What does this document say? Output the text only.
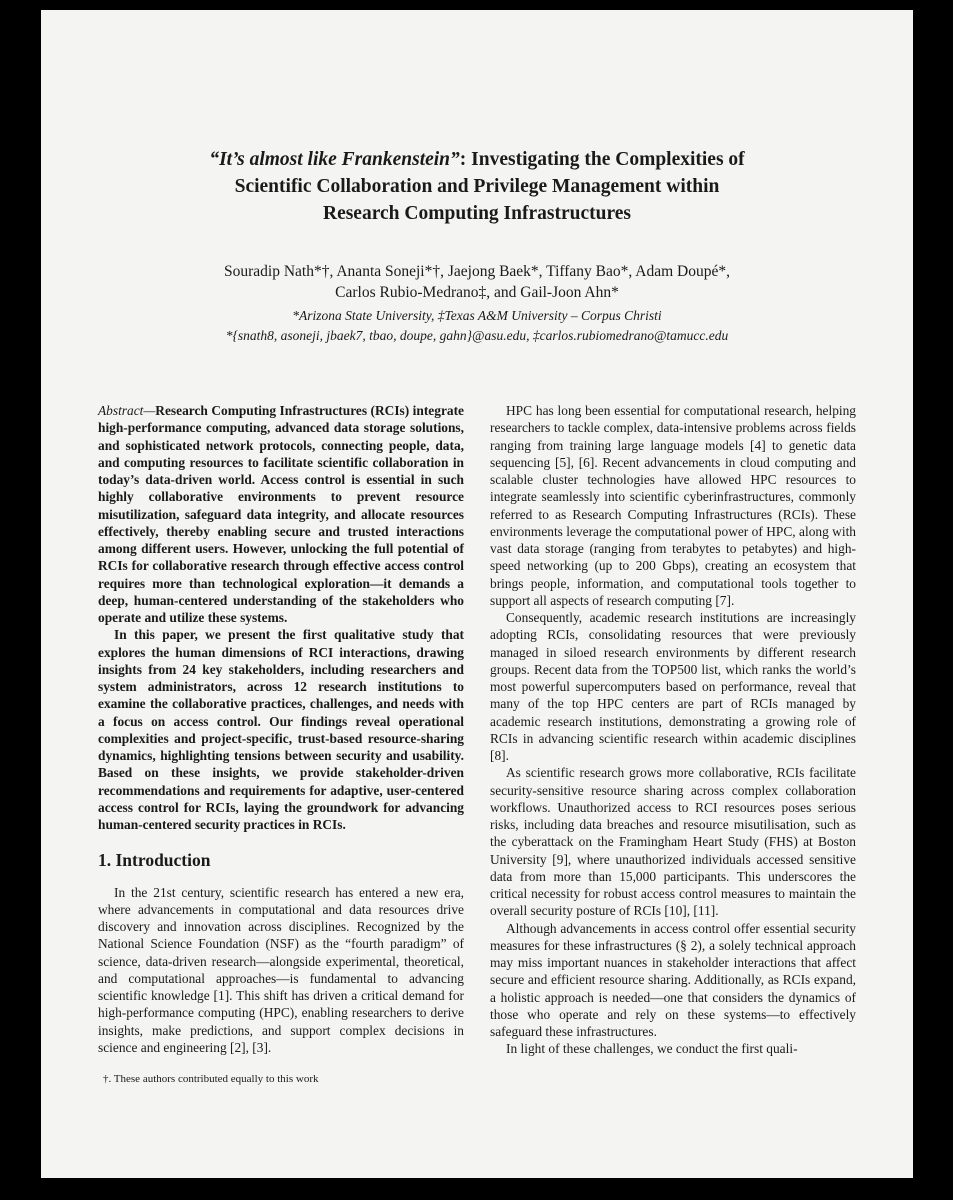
“It’s almost like Frankenstein”: Investigating the Complexities of
Scientific Collaboration and Privilege Management within
Research Computing Infrastructures
Souradip Nath*†, Ananta Soneji*†, Jaejong Baek*, Tiffany Bao*, Adam Doupé*,
Carlos Rubio-Medrano‡, and Gail-Joon Ahn*
*Arizona State University, ‡Texas A&M University – Corpus Christi
*{snath8, asoneji, jbaek7, tbao, doupe, gahn}@asu.edu, ‡carlos.rubiomedrano@tamucc.edu

Abstract—Research Computing Infrastructures (RCIs) integrate high-performance computing, advanced data storage solutions, and sophisticated network protocols, connecting people, data, and computing resources to facilitate scientific collaboration in today’s data-driven world. Access control is essential in such highly collaborative environments to prevent resource misutilization, safeguard data integrity, and allocate resources effectively, thereby enabling secure and trusted interactions among different users. However, unlocking the full potential of RCIs for collaborative research through effective access control requires more than technological exploration—it demands a deep, human-centered understanding of the stakeholders who operate and utilize these systems.

In this paper, we present the first qualitative study that explores the human dimensions of RCI interactions, drawing insights from 24 key stakeholders, including researchers and system administrators, across 12 research institutions to examine the collaborative practices, challenges, and needs with a focus on access control. Our findings reveal operational complexities and project-specific, trust-based resource-sharing dynamics, highlighting tensions between security and usability. Based on these insights, we provide stakeholder-driven recommendations and requirements for adaptive, user-centered access control for RCIs, laying the groundwork for advancing human-centered security practices in RCIs.

1. Introduction

In the 21st century, scientific research has entered a new era, where advancements in computational and data resources drive discovery and innovation across disciplines. Recognized by the National Science Foundation (NSF) as the “fourth paradigm” of science, data-driven research—alongside experimental, theoretical, and computational approaches—is fundamental to advancing scientific knowledge [1]. This shift has driven a critical demand for high-performance computing (HPC), enabling researchers to derive insights, make predictions, and support complex decisions in science and engineering [2], [3].

†. These authors contributed equally to this work

HPC has long been essential for computational research, helping researchers to tackle complex, data-intensive problems across fields ranging from training large language models [4] to genetic data sequencing [5], [6]. Recent advancements in cloud computing and scalable cluster technologies have allowed HPC resources to integrate seamlessly into scientific cyberinfrastructures, commonly referred to as Research Computing Infrastructures (RCIs). These environments leverage the computational power of HPC, along with vast data storage (ranging from terabytes to petabytes) and high-speed networking (up to 200 Gbps), creating an ecosystem that brings people, information, and computational tools together to support all aspects of research computing [7].

Consequently, academic research institutions are increasingly adopting RCIs, consolidating resources that were previously managed in siloed research environments by different research groups. Recent data from the TOP500 list, which ranks the world’s most powerful supercomputers based on performance, reveal that many of the top HPC centers are part of RCIs managed by academic research institutions, demonstrating a growing role of RCIs in advancing scientific research within academic disciplines [8].

As scientific research grows more collaborative, RCIs facilitate security-sensitive resource sharing across complex collaboration workflows. Unauthorized access to RCI resources poses serious risks, including data breaches and resource misutilisation, such as the cyberattack on the Framingham Heart Study (FHS) at Boston University [9], where unauthorized individuals accessed sensitive data from more than 15,000 participants. This underscores the critical necessity for robust access control measures to maintain the overall security posture of RCIs [10], [11].

Although advancements in access control offer essential security measures for these infrastructures (§ 2), a solely technical approach may miss important nuances in stakeholder interactions that affect secure and efficient resource sharing. Additionally, as RCIs expand, a holistic approach is needed—one that considers the dynamics of those who operate and rely on these systems—to effectively safeguard these infrastructures.

In light of these challenges, we conduct the first quali-
